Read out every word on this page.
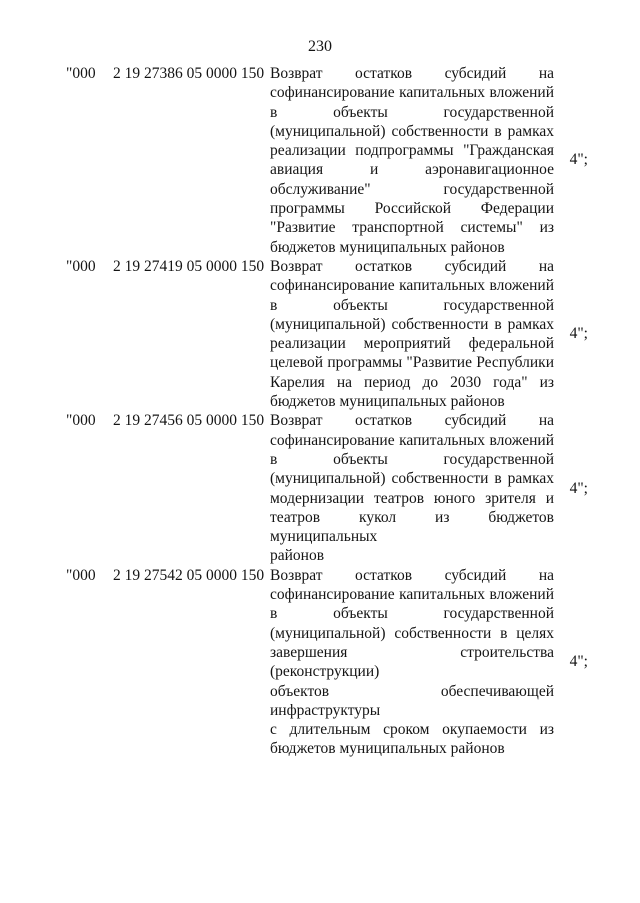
230
"000 2 19 27386 05 0000 150 Возврат остатков субсидий на
софинансирование капитальных вложений
в объекты государственной
(муниципальной) собственности в рамках
реализации подпрограммы "Гражданская
авиация и аэронавигационное
обслуживание" государственной
программы Российской Федерации
"Развитие транспортной системы" из
бюджетов муниципальных районов
4";
"000 2 19 27419 05 0000 150 Возврат остатков субсидий на
софинансирование капитальных вложений
в объекты государственной
(муниципальной) собственности в рамках
реализации мероприятий федеральной
целевой программы "Развитие Республики
Карелия на период до 2030 года" из
бюджетов муниципальных районов
4";
"000 2 19 27456 05 0000 150 Возврат остатков субсидий на
софинансирование капитальных вложений
в объекты государственной
(муниципальной) собственности в рамках
модернизации театров юного зрителя и
театров кукол из бюджетов муниципальных
районов
4";
"000 2 19 27542 05 0000 150 Возврат остатков субсидий на
софинансирование капитальных вложений
в объекты государственной
(муниципальной) собственности в целях
завершения строительства (реконструкции)
объектов обеспечивающей инфраструктуры
с длительным сроком окупаемости из
бюджетов муниципальных районов
4";
